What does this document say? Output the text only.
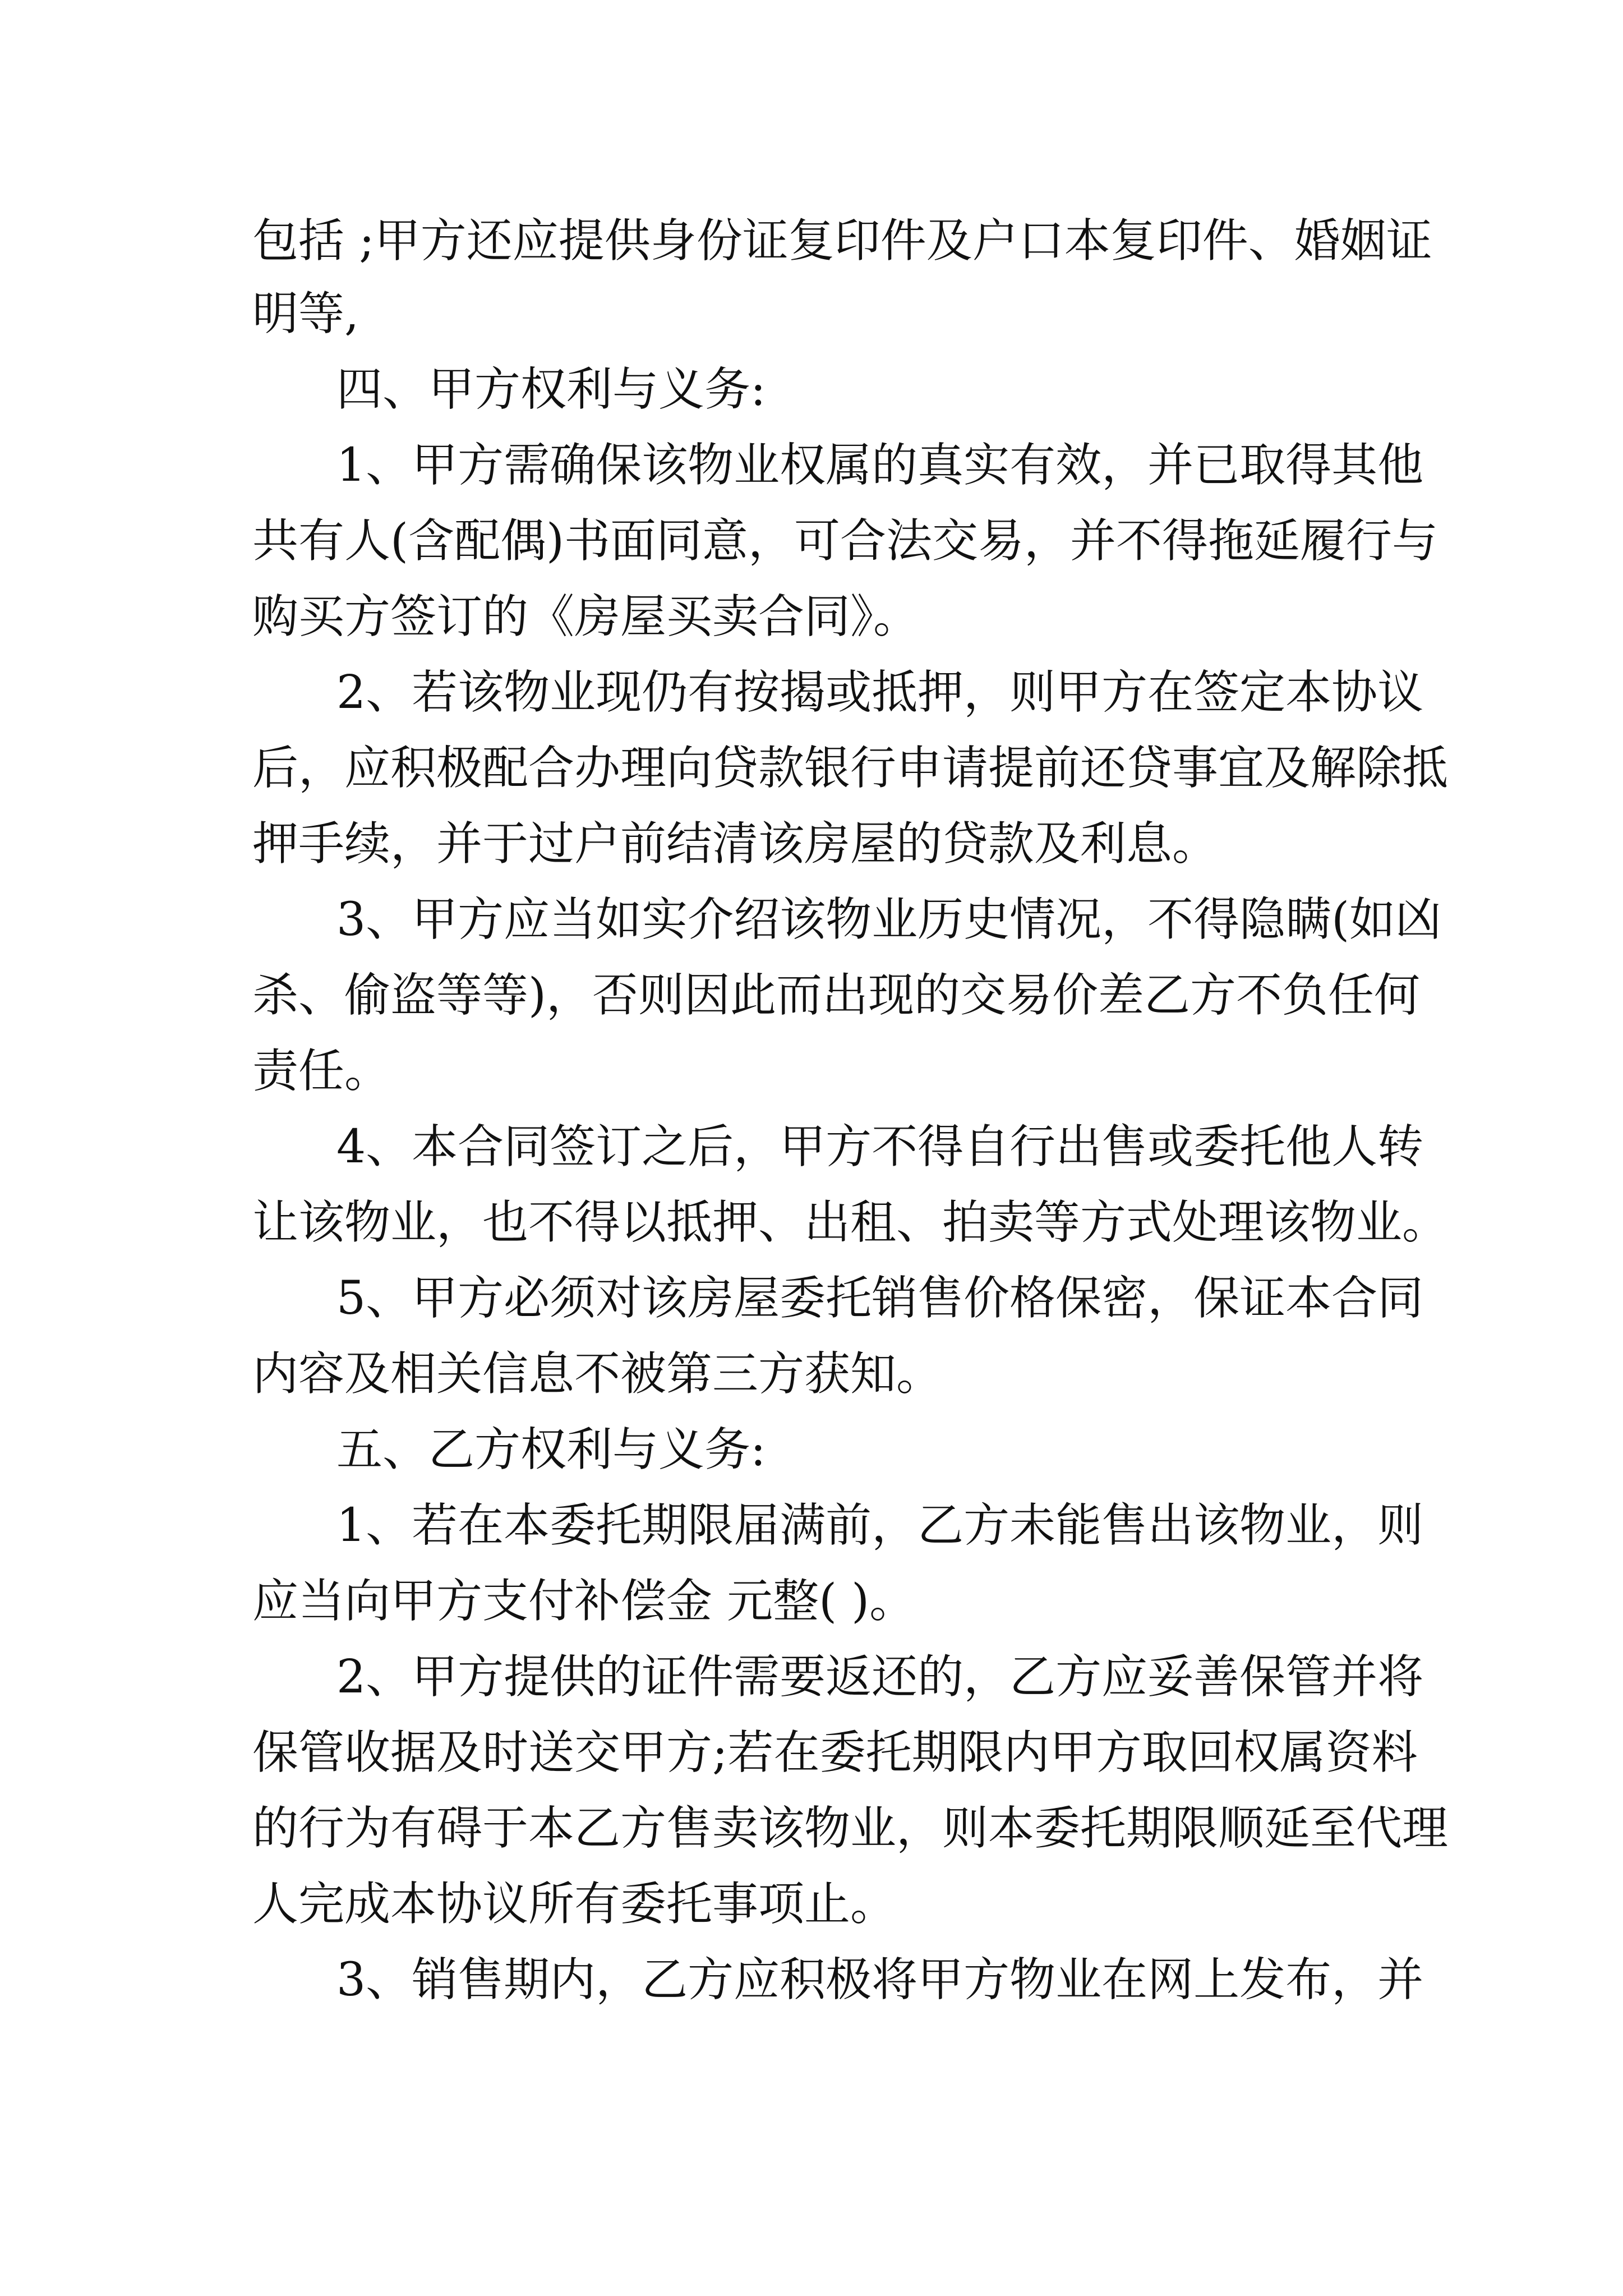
包括 ;甲方还应提供身份证复印件及户口本复印件、婚姻证

明等,

四、甲方权利与义务:

1、甲方需确保该物业权属的真实有效，并已取得其他

共有人(含配偶)书面同意，可合法交易，并不得拖延履行与

购买方签订的《房屋买卖合同》。

2、若该物业现仍有按揭或抵押，则甲方在签定本协议

后，应积极配合办理向贷款银行申请提前还贷事宜及解除抵

押手续，并于过户前结清该房屋的贷款及利息。

3、甲方应当如实介绍该物业历史情况，不得隐瞒(如凶

杀、偷盗等等)，否则因此而出现的交易价差乙方不负任何

责任。

4、本合同签订之后，甲方不得自行出售或委托他人转

让该物业，也不得以抵押、出租、拍卖等方式处理该物业。

5、甲方必须对该房屋委托销售价格保密，保证本合同

内容及相关信息不被第三方获知。

五、乙方权利与义务:

1、若在本委托期限届满前，乙方未能售出该物业，则

应当向甲方支付补偿金 元整( )。

2、甲方提供的证件需要返还的，乙方应妥善保管并将

保管收据及时送交甲方;若在委托期限内甲方取回权属资料

的行为有碍于本乙方售卖该物业，则本委托期限顺延至代理

人完成本协议所有委托事项止。

3、销售期内，乙方应积极将甲方物业在网上发布，并
